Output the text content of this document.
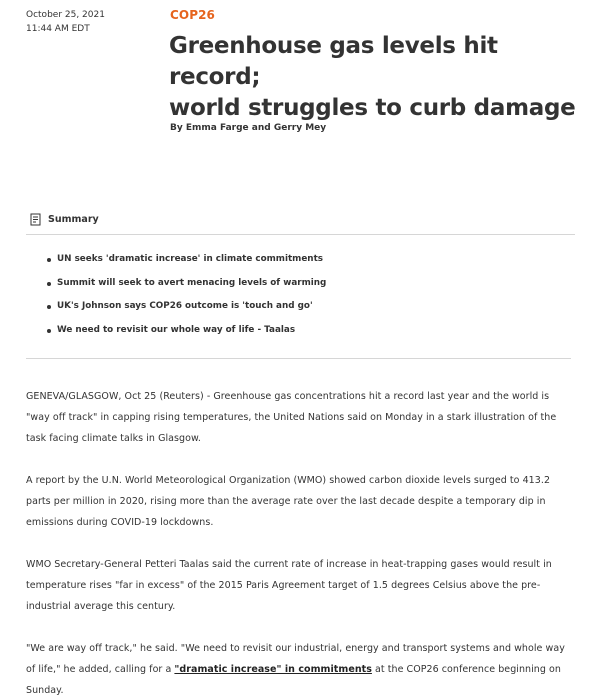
October 25, 2021
11:44 AM EDT
COP26
Greenhouse gas levels hit record;
world struggles to curb damage
By Emma Farge and Gerry Mey
Summary
UN seeks 'dramatic increase' in climate commitments
Summit will seek to avert menacing levels of warming
UK's Johnson says COP26 outcome is 'touch and go'
We need to revisit our whole way of life - Taalas

GENEVA/GLASGOW, Oct 25 (Reuters) - Greenhouse gas concentrations hit a record last year and the world is "way off track" in capping rising temperatures, the United Nations said on Monday in a stark illustration of the task facing climate talks in Glasgow.

A report by the U.N. World Meteorological Organization (WMO) showed carbon dioxide levels surged to 413.2 parts per million in 2020, rising more than the average rate over the last decade despite a temporary dip in emissions during COVID-19 lockdowns.

WMO Secretary-General Petteri Taalas said the current rate of increase in heat-trapping gases would result in temperature rises "far in excess" of the 2015 Paris Agreement target of 1.5 degrees Celsius above the pre-industrial average this century.

"We are way off track," he said. "We need to revisit our industrial, energy and transport systems and whole way of life," he added, calling for a "dramatic increase" in commitments at the COP26 conference beginning on Sunday.
